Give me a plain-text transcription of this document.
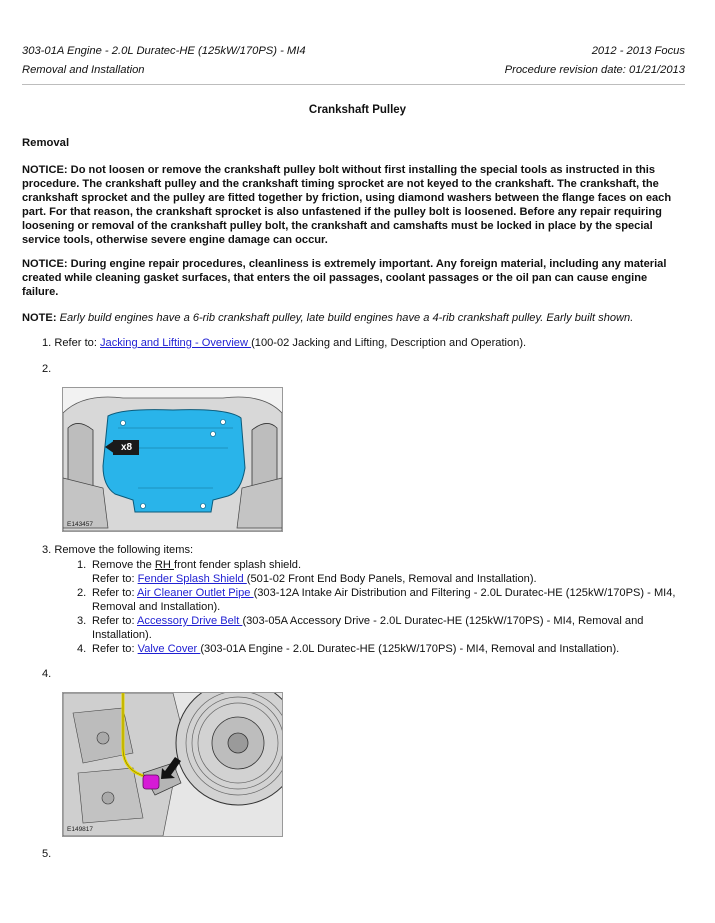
303-01A Engine - 2.0L Duratec-HE (125kW/170PS) - MI4	2012 - 2013 Focus
Removal and Installation	Procedure revision date: 01/21/2013
Crankshaft Pulley
Removal
NOTICE: Do not loosen or remove the crankshaft pulley bolt without first installing the special tools as instructed in this procedure. The crankshaft pulley and the crankshaft timing sprocket are not keyed to the crankshaft. The crankshaft, the crankshaft sprocket and the pulley are fitted together by friction, using diamond washers between the flange faces on each part. For that reason, the crankshaft sprocket is also unfastened if the pulley bolt is loosened. Before any repair requiring loosening or removal of the crankshaft pulley bolt, the crankshaft and camshafts must be locked in place by the special service tools, otherwise severe engine damage can occur.
NOTICE: During engine repair procedures, cleanliness is extremely important. Any foreign material, including any material created while cleaning gasket surfaces, that enters the oil passages, coolant passages or the oil pan can cause engine failure.
NOTE: Early build engines have a 6-rib crankshaft pulley, late build engines have a 4-rib crankshaft pulley. Early built shown.
1. Refer to: Jacking and Lifting - Overview (100-02 Jacking and Lifting, Description and Operation).
2.
x8
E143457
3. Remove the following items:
1. Remove the RH front fender splash shield.
Refer to: Fender Splash Shield (501-02 Front End Body Panels, Removal and Installation).
2. Refer to: Air Cleaner Outlet Pipe (303-12A Intake Air Distribution and Filtering - 2.0L Duratec-HE (125kW/170PS) - MI4, Removal and Installation).
3. Refer to: Accessory Drive Belt (303-05A Accessory Drive - 2.0L Duratec-HE (125kW/170PS) - MI4, Removal and Installation).
4. Refer to: Valve Cover (303-01A Engine - 2.0L Duratec-HE (125kW/170PS) - MI4, Removal and Installation).
4.
E149817
5.
